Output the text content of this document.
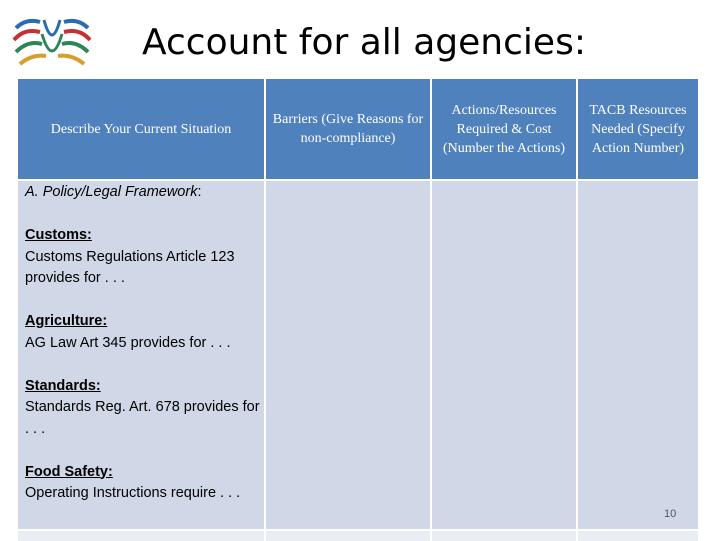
Account for all agencies:
Describe Your Current Situation
Barriers (Give Reasons for non-compliance)
Actions/Resources Required & Cost (Number the Actions)
TACB Resources Needed (Specify Action Number)

A. Policy/Legal Framework:

Customs:
Customs Regulations Article 123 provides for . . .

Agriculture:
AG Law Art 345 provides for . . .

Standards:
Standards Reg. Art. 678 provides for . . .

Food Safety:
Operating Instructions require . . .

10
